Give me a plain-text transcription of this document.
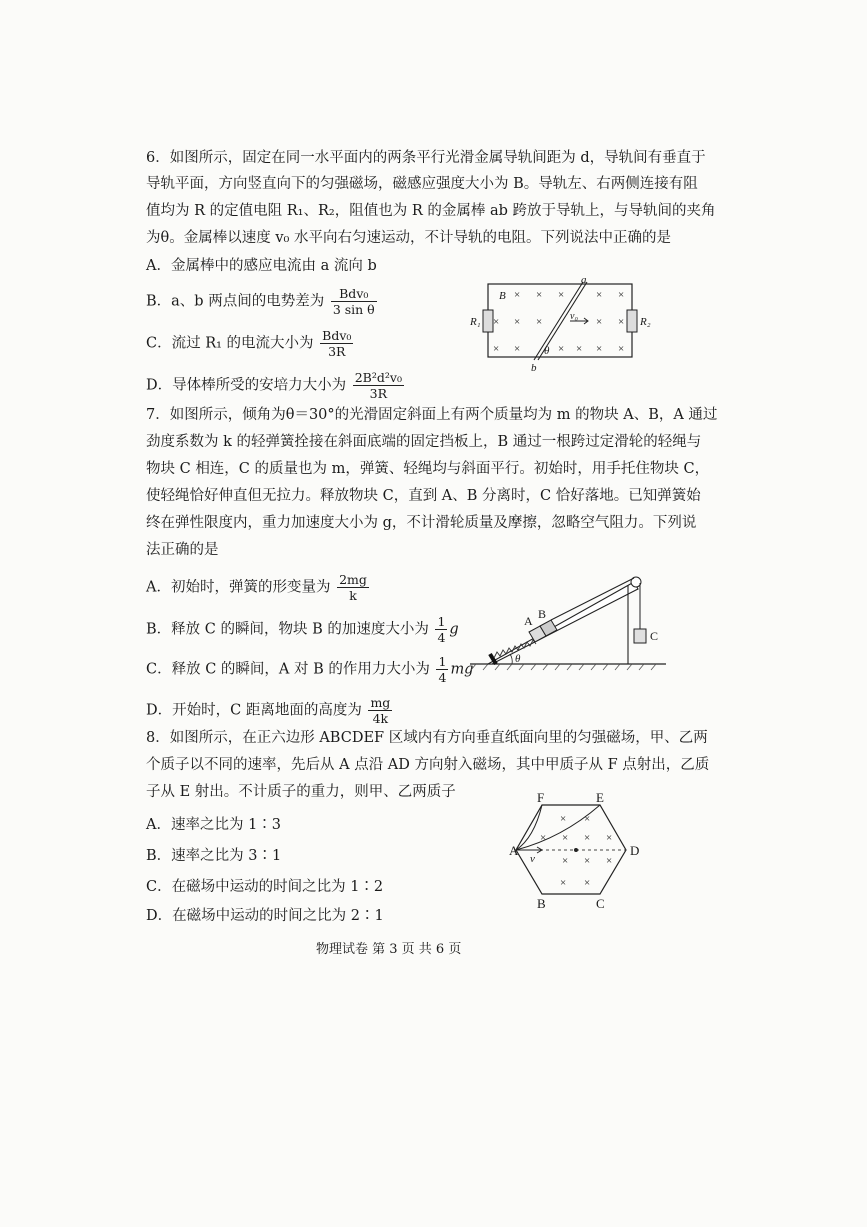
6．如图所示，固定在同一水平面内的两条平行光滑金属导轨间距为 d，导轨间有垂直于
导轨平面，方向竖直向下的匀强磁场，磁感应强度大小为 B。导轨左、右两侧连接有阻
值均为 R 的定值电阻 R₁、R₂，阻值也为 R 的金属棒 ab 跨放于导轨上，与导轨间的夹角
为θ。金属棒以速度 v₀ 水平向右匀速运动，不计导轨的电阻。下列说法中正确的是
A．金属棒中的感应电流由 a 流向 b
B．a、b 两点间的电势差为 $\frac{\text{Bdv₀}}{\text{3 sin θ}}$
C．流过 R₁ 的电流大小为 $\frac{\text{Bdv₀}}{3R}$
D．导体棒所受的安培力大小为 $\frac{\text{2B²d²v₀}}{3R}$
× × ×	× ×
× × ×	× ×
× ×	× × × ×
B
a
b
R₁	R₂
v₀
θ
7．如图所示，倾角为θ＝30°的光滑固定斜面上有两个质量均为 m 的物块 A、B，A 通过
劲度系数为 k 的轻弹簧拴接在斜面底端的固定挡板上，B 通过一根跨过定滑轮的轻绳与
物块 C 相连，C 的质量也为 m，弹簧、轻绳均与斜面平行。初始时，用手托住物块 C，
使轻绳恰好伸直但无拉力。释放物块 C，直到 A、B 分离时，C 恰好落地。已知弹簧始
终在弹性限度内，重力加速度大小为 g，不计滑轮质量及摩擦，忽略空气阻力。下列说
法正确的是
A．初始时，弹簧的形变量为 $\frac{2mg}{k}$
B．释放 C 的瞬间，物块 B 的加速度大小为 $\frac{1}{4}$ g
C．释放 C 的瞬间，A 对 B 的作用力大小为 $\frac{1}{4}$ mg
D．开始时，C 距离地面的高度为 $\frac{mg}{4k}$
A B
C
θ
8．如图所示，在正六边形 ABCDEF 区域内有方向垂直纸面向里的匀强磁场，甲、乙两
个质子以不同的速率，先后从 A 点沿 AD 方向射入磁场，其中甲质子从 F 点射出，乙质
子从 E 射出。不计质子的重力，则甲、乙两质子
A．速率之比为 1∶3
B．速率之比为 3∶1
C．在磁场中运动的时间之比为 1∶2
D．在磁场中运动的时间之比为 2∶1
× ×
× × × ×
× × ×
× ×
A	D
F	E
B	C
v
物理试卷 第 3 页 共 6 页
